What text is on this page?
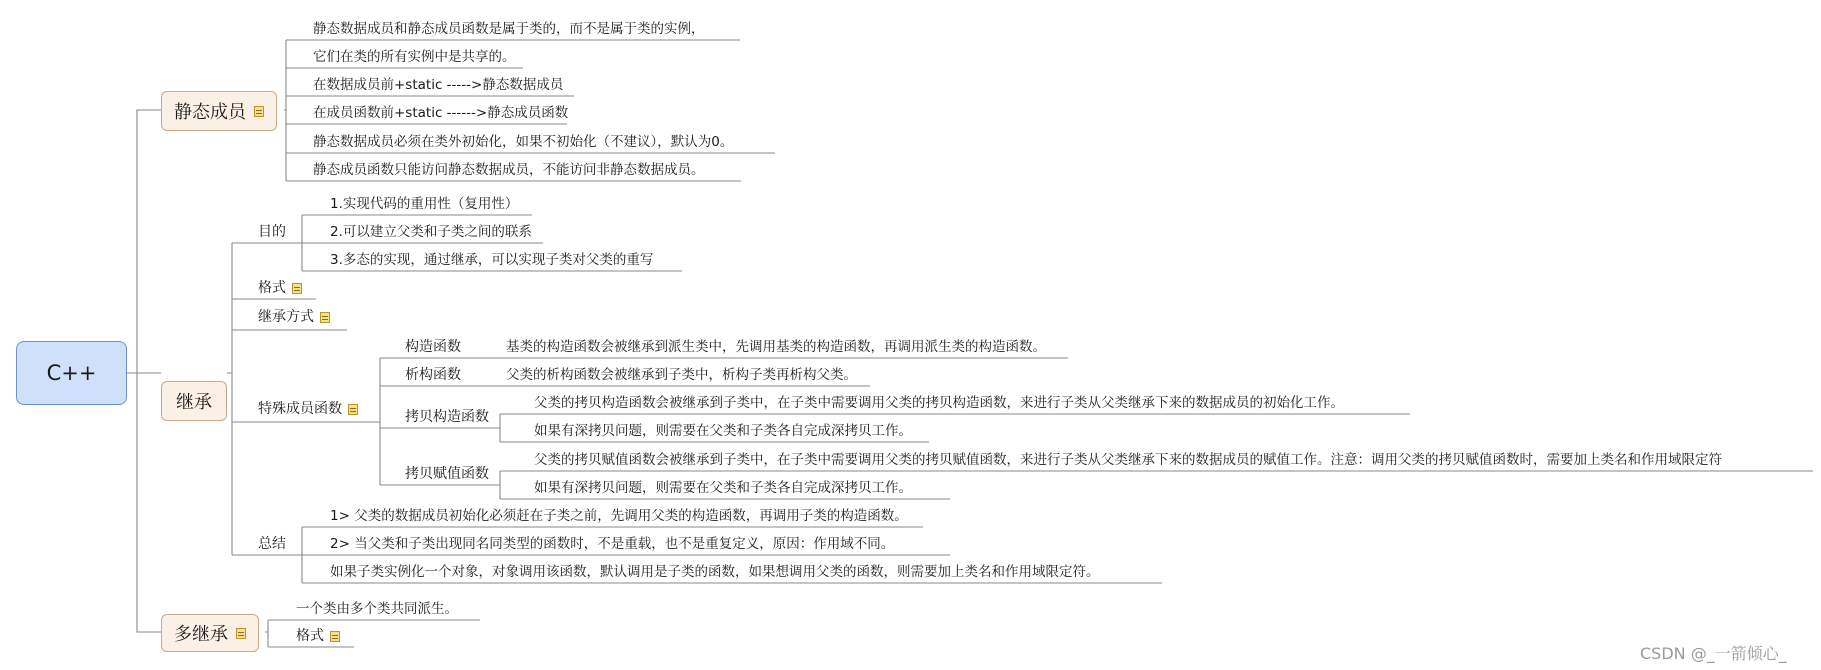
C++
静态成员
静态数据成员和静态成员函数是属于类的，而不是属于类的实例，
它们在类的所有实例中是共享的。
在数据成员前+static ----->静态数据成员
在成员函数前+static ------>静态成员函数
静态数据成员必须在类外初始化，如果不初始化（不建议），默认为0。
静态成员函数只能访问静态数据成员，不能访问非静态数据成员。
继承
目的
1.实现代码的重用性（复用性）
2.可以建立父类和子类之间的联系
3.多态的实现，通过继承，可以实现子类对父类的重写
格式
继承方式
特殊成员函数
构造函数	基类的构造函数会被继承到派生类中，先调用基类的构造函数，再调用派生类的构造函数。
析构函数	父类的析构函数会被继承到子类中，析构子类再析构父类。
拷贝构造函数
父类的拷贝构造函数会被继承到子类中，在子类中需要调用父类的拷贝构造函数，来进行子类从父类继承下来的数据成员的初始化工作。
如果有深拷贝问题，则需要在父类和子类各自完成深拷贝工作。
拷贝赋值函数
父类的拷贝赋值函数会被继承到子类中，在子类中需要调用父类的拷贝赋值函数，来进行子类从父类继承下来的数据成员的赋值工作。注意：调用父类的拷贝赋值函数时，需要加上类名和作用域限定符
如果有深拷贝问题，则需要在父类和子类各自完成深拷贝工作。
总结
1> 父类的数据成员初始化必须赶在子类之前，先调用父类的构造函数，再调用子类的构造函数。
2> 当父类和子类出现同名同类型的函数时，不是重载，也不是重复定义，原因：作用域不同。
如果子类实例化一个对象，对象调用该函数，默认调用是子类的函数，如果想调用父类的函数，则需要加上类名和作用域限定符。
多继承
一个类由多个类共同派生。
格式
CSDN @_一箭倾心_
